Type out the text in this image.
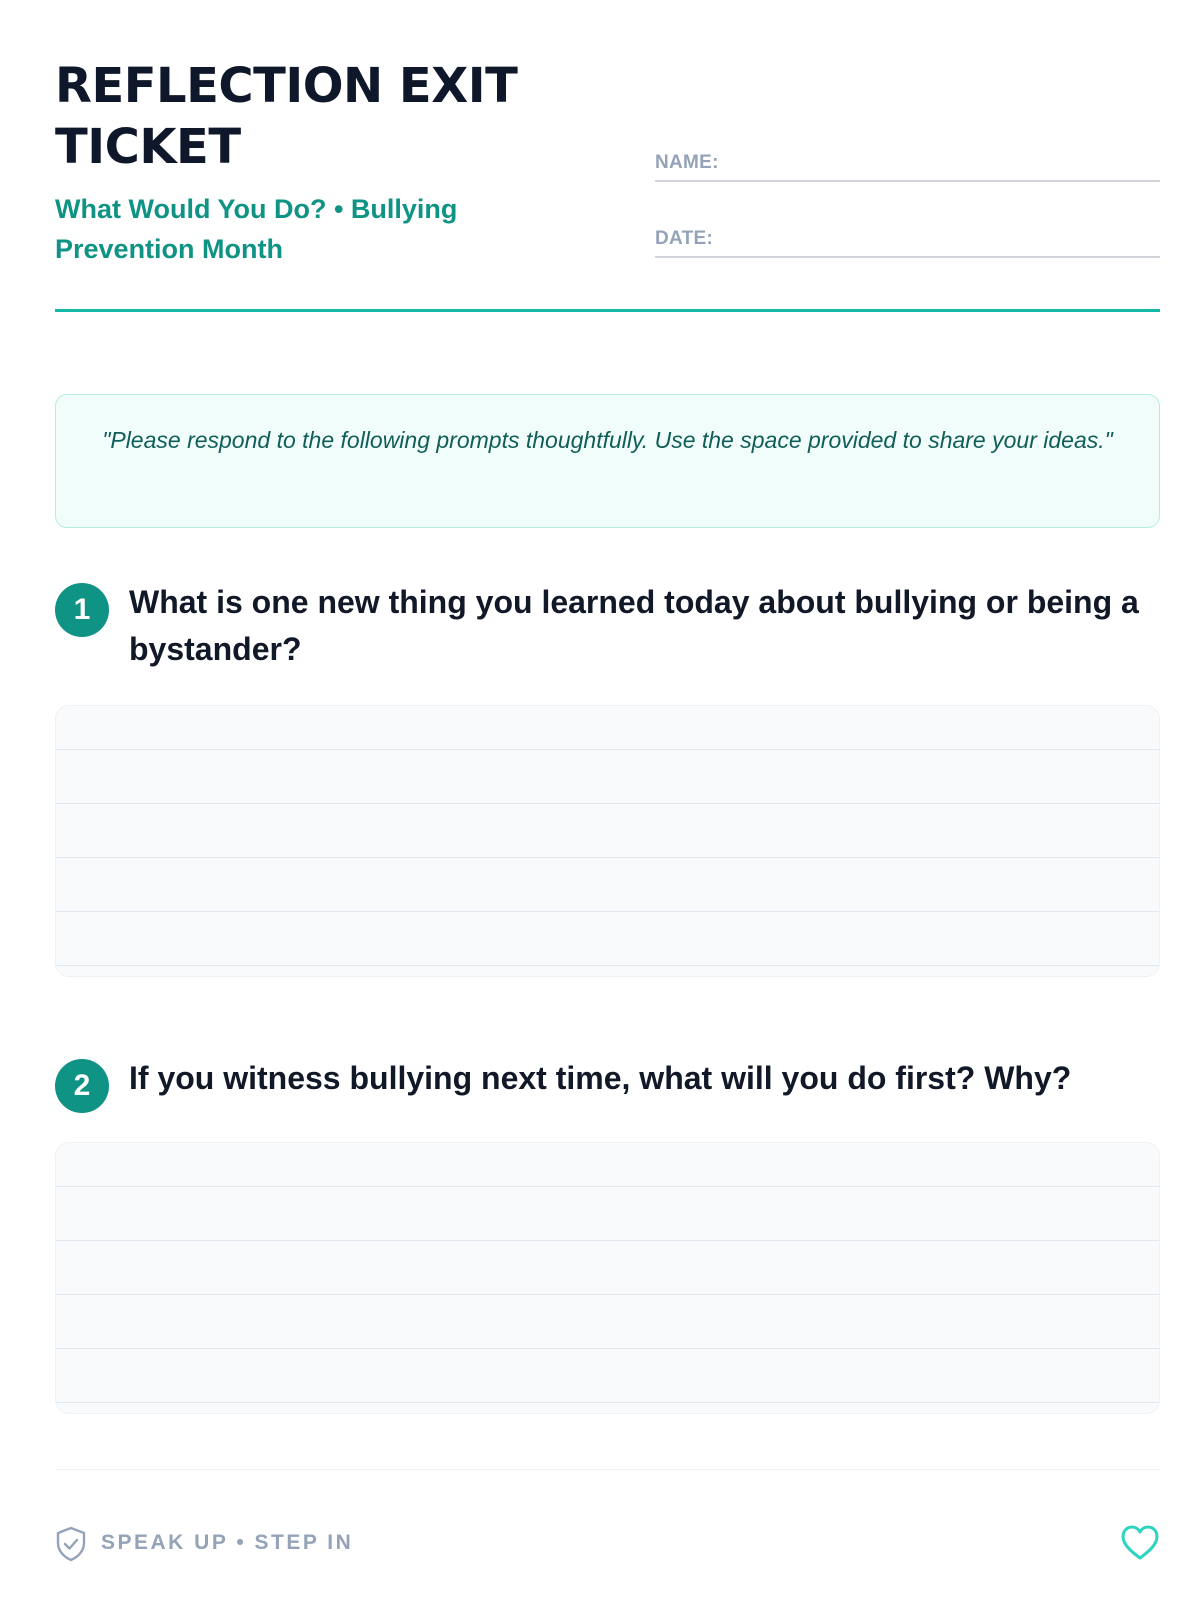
REFLECTION EXIT TICKET
What Would You Do? • Bullying Prevention Month
NAME:
DATE:
"Please respond to the following prompts thoughtfully. Use the space provided to share your ideas."
1	What is one new thing you learned today about bullying or being a bystander?
2	If you witness bullying next time, what will you do first? Why?
SPEAK UP • STEP IN
